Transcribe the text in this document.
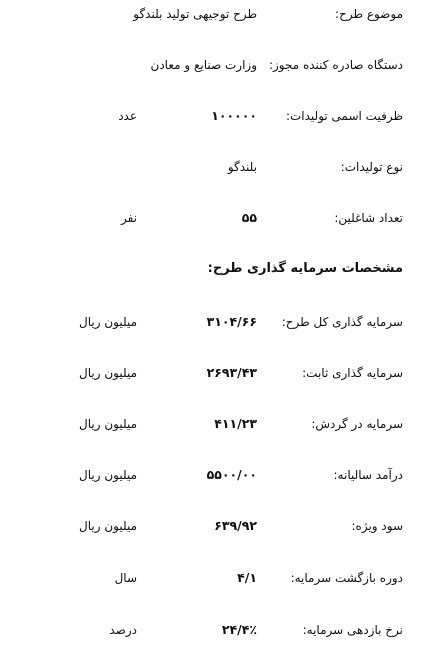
موضوع طرح:
طرح توجیهی تولید بلندگو
دستگاه صادره کننده مجوز:
وزارت صنایع و معادن
ظرفیت اسمی تولیدات:
۱۰۰۰۰۰
عدد
نوع تولیدات:
بلندگو
تعداد شاغلین:
۵۵
نفر
مشخصات سرمایه گذاری طرح:
سرمایه گذاری کل طرح:
۳۱۰۴/۶۶
میلیون ریال
سرمایه گذاری ثابت:
۲۶۹۳/۴۳
میلیون ریال
سرمایه در گردش:
۴۱۱/۲۳
میلیون ریال
درآمد سالیانه:
۵۵۰۰/۰۰
میلیون ریال
سود ویژه:
۶۳۹/۹۲
میلیون ریال
دوره بازگشت سرمایه:
۴/۱
سال
نرخ بازدهی سرمایه:
۲۴/۴٪
درصد
